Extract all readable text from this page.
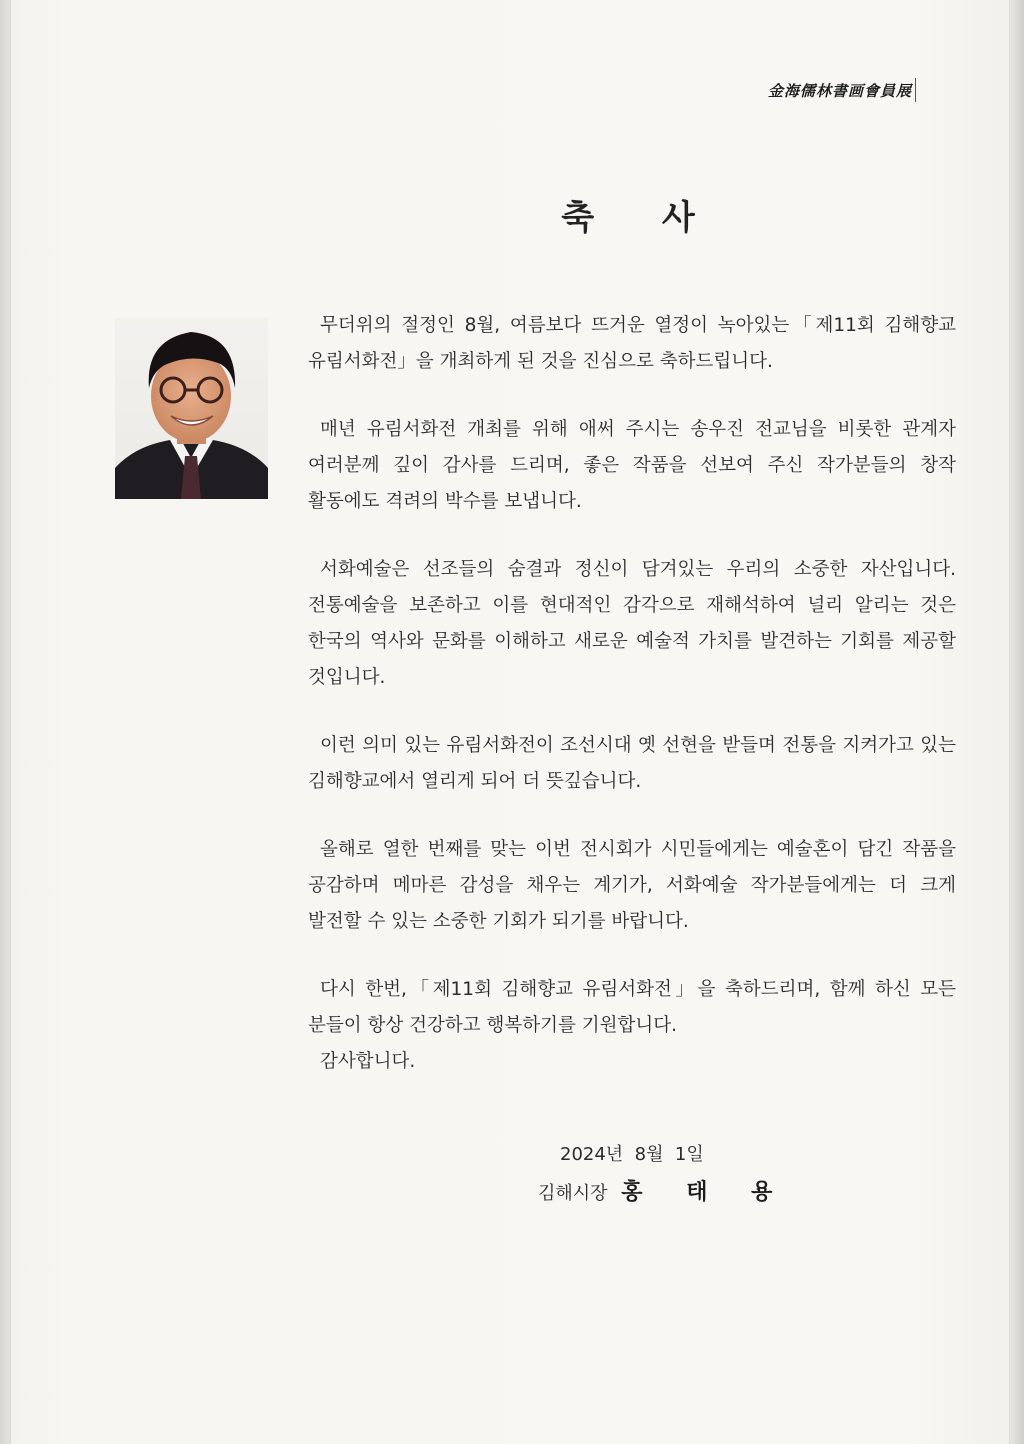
金海儒林書画會員展
축 사

무더위의 절정인 8월, 여름보다 뜨거운 열정이 녹아있는「제11회 김해향교 유림서화전」을 개최하게 된 것을 진심으로 축하드립니다.

매년 유림서화전 개최를 위해 애써 주시는 송우진 전교님을 비롯한 관계자 여러분께 깊이 감사를 드리며, 좋은 작품을 선보여 주신 작가분들의 창작 활동에도 격려의 박수를 보냅니다.

서화예술은 선조들의 숨결과 정신이 담겨있는 우리의 소중한 자산입니다. 전통예술을 보존하고 이를 현대적인 감각으로 재해석하여 널리 알리는 것은 한국의 역사와 문화를 이해하고 새로운 예술적 가치를 발견하는 기회를 제공할 것입니다.

이런 의미 있는 유림서화전이 조선시대 옛 선현을 받들며 전통을 지켜가고 있는 김해향교에서 열리게 되어 더 뜻깊습니다.

올해로 열한 번째를 맞는 이번 전시회가 시민들에게는 예술혼이 담긴 작품을 공감하며 메마른 감성을 채우는 계기가, 서화예술 작가분들에게는 더 크게 발전할 수 있는 소중한 기회가 되기를 바랍니다.

다시 한번,「제11회 김해향교 유림서화전」을 축하드리며, 함께 하신 모든 분들이 항상 건강하고 행복하기를 기원합니다.

감사합니다.

2024년  8월  1일
김해시장 홍 태 용
